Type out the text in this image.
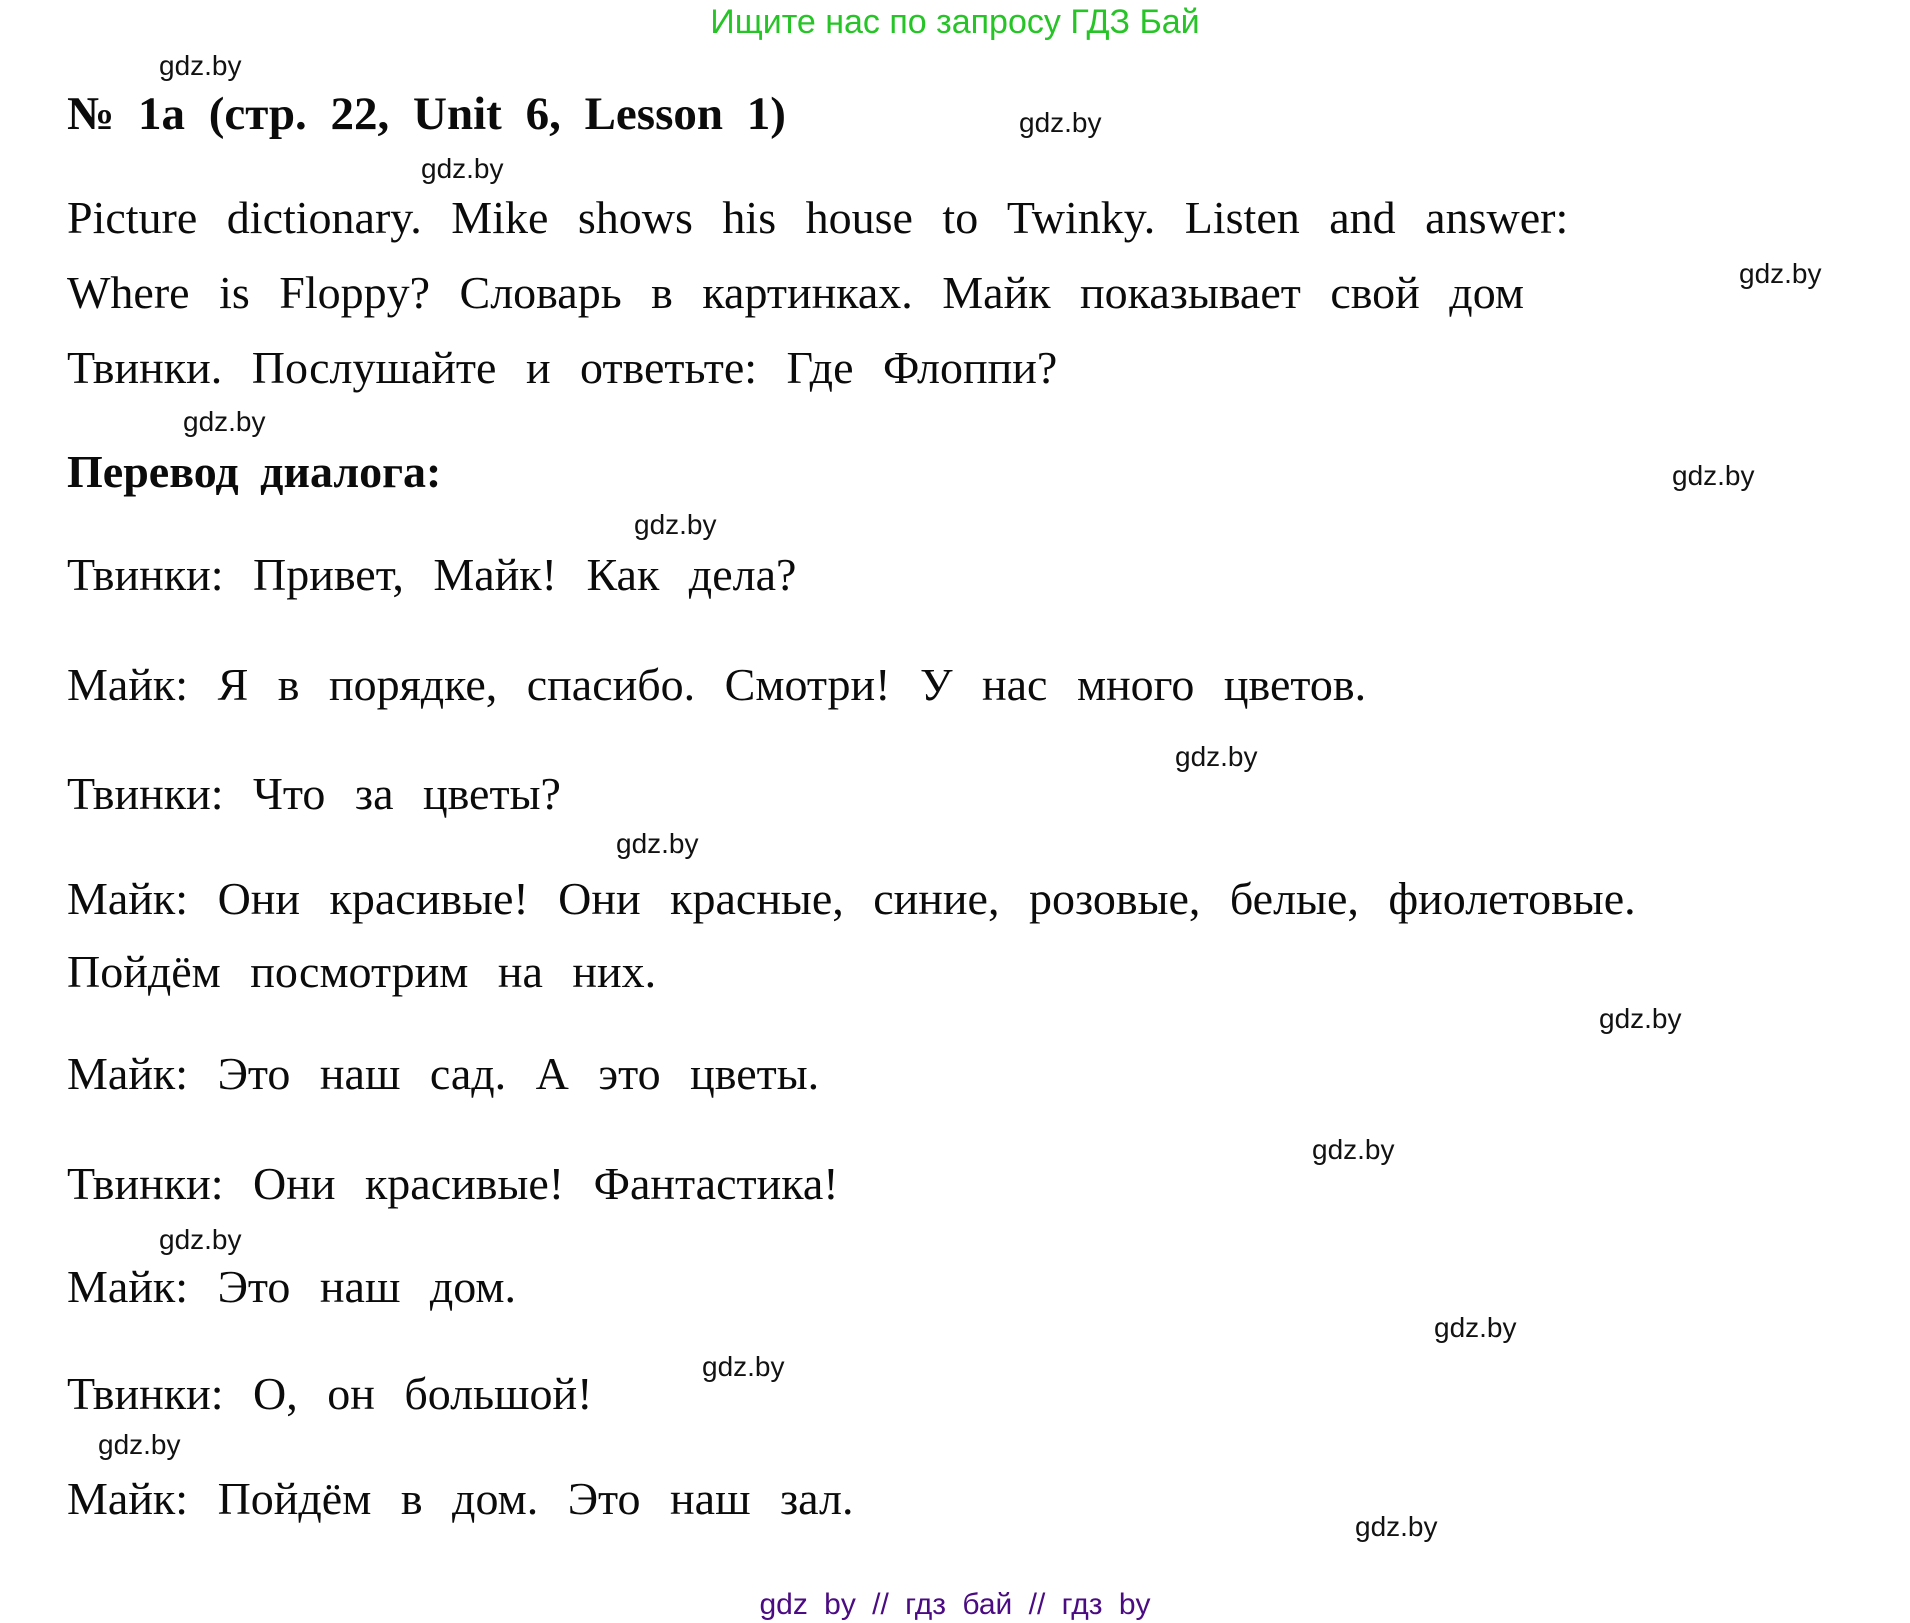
Ищите нас по запросу ГДЗ Бай
gdz.by
gdz.by
gdz.by
gdz.by
gdz.by
gdz.by
gdz.by
gdz.by
gdz.by
gdz.by
gdz.by
gdz.by
gdz.by
gdz.by
gdz.by
gdz.by
№ 1a (стр. 22, Unit 6, Lesson 1)
Picture dictionary. Mike shows his house to Twinky. Listen and answer:
Where is Floppy? Словарь в картинках. Майк показывает свой дом
Твинки. Послушайте и ответьте: Где Флоппи?
Перевод диалога:
Твинки: Привет, Майк! Как дела?
Майк: Я в порядке, спасибо. Смотри! У нас много цветов.
Твинки: Что за цветы?
Майк: Они красивые! Они красные, синие, розовые, белые, фиолетовые.
Пойдём посмотрим на них.
Майк: Это наш сад. А это цветы.
Твинки: Они красивые! Фантастика!
Майк: Это наш дом.
Твинки: О, он большой!
Майк: Пойдём в дом. Это наш зал.
gdz by // гдз бай // гдз by
